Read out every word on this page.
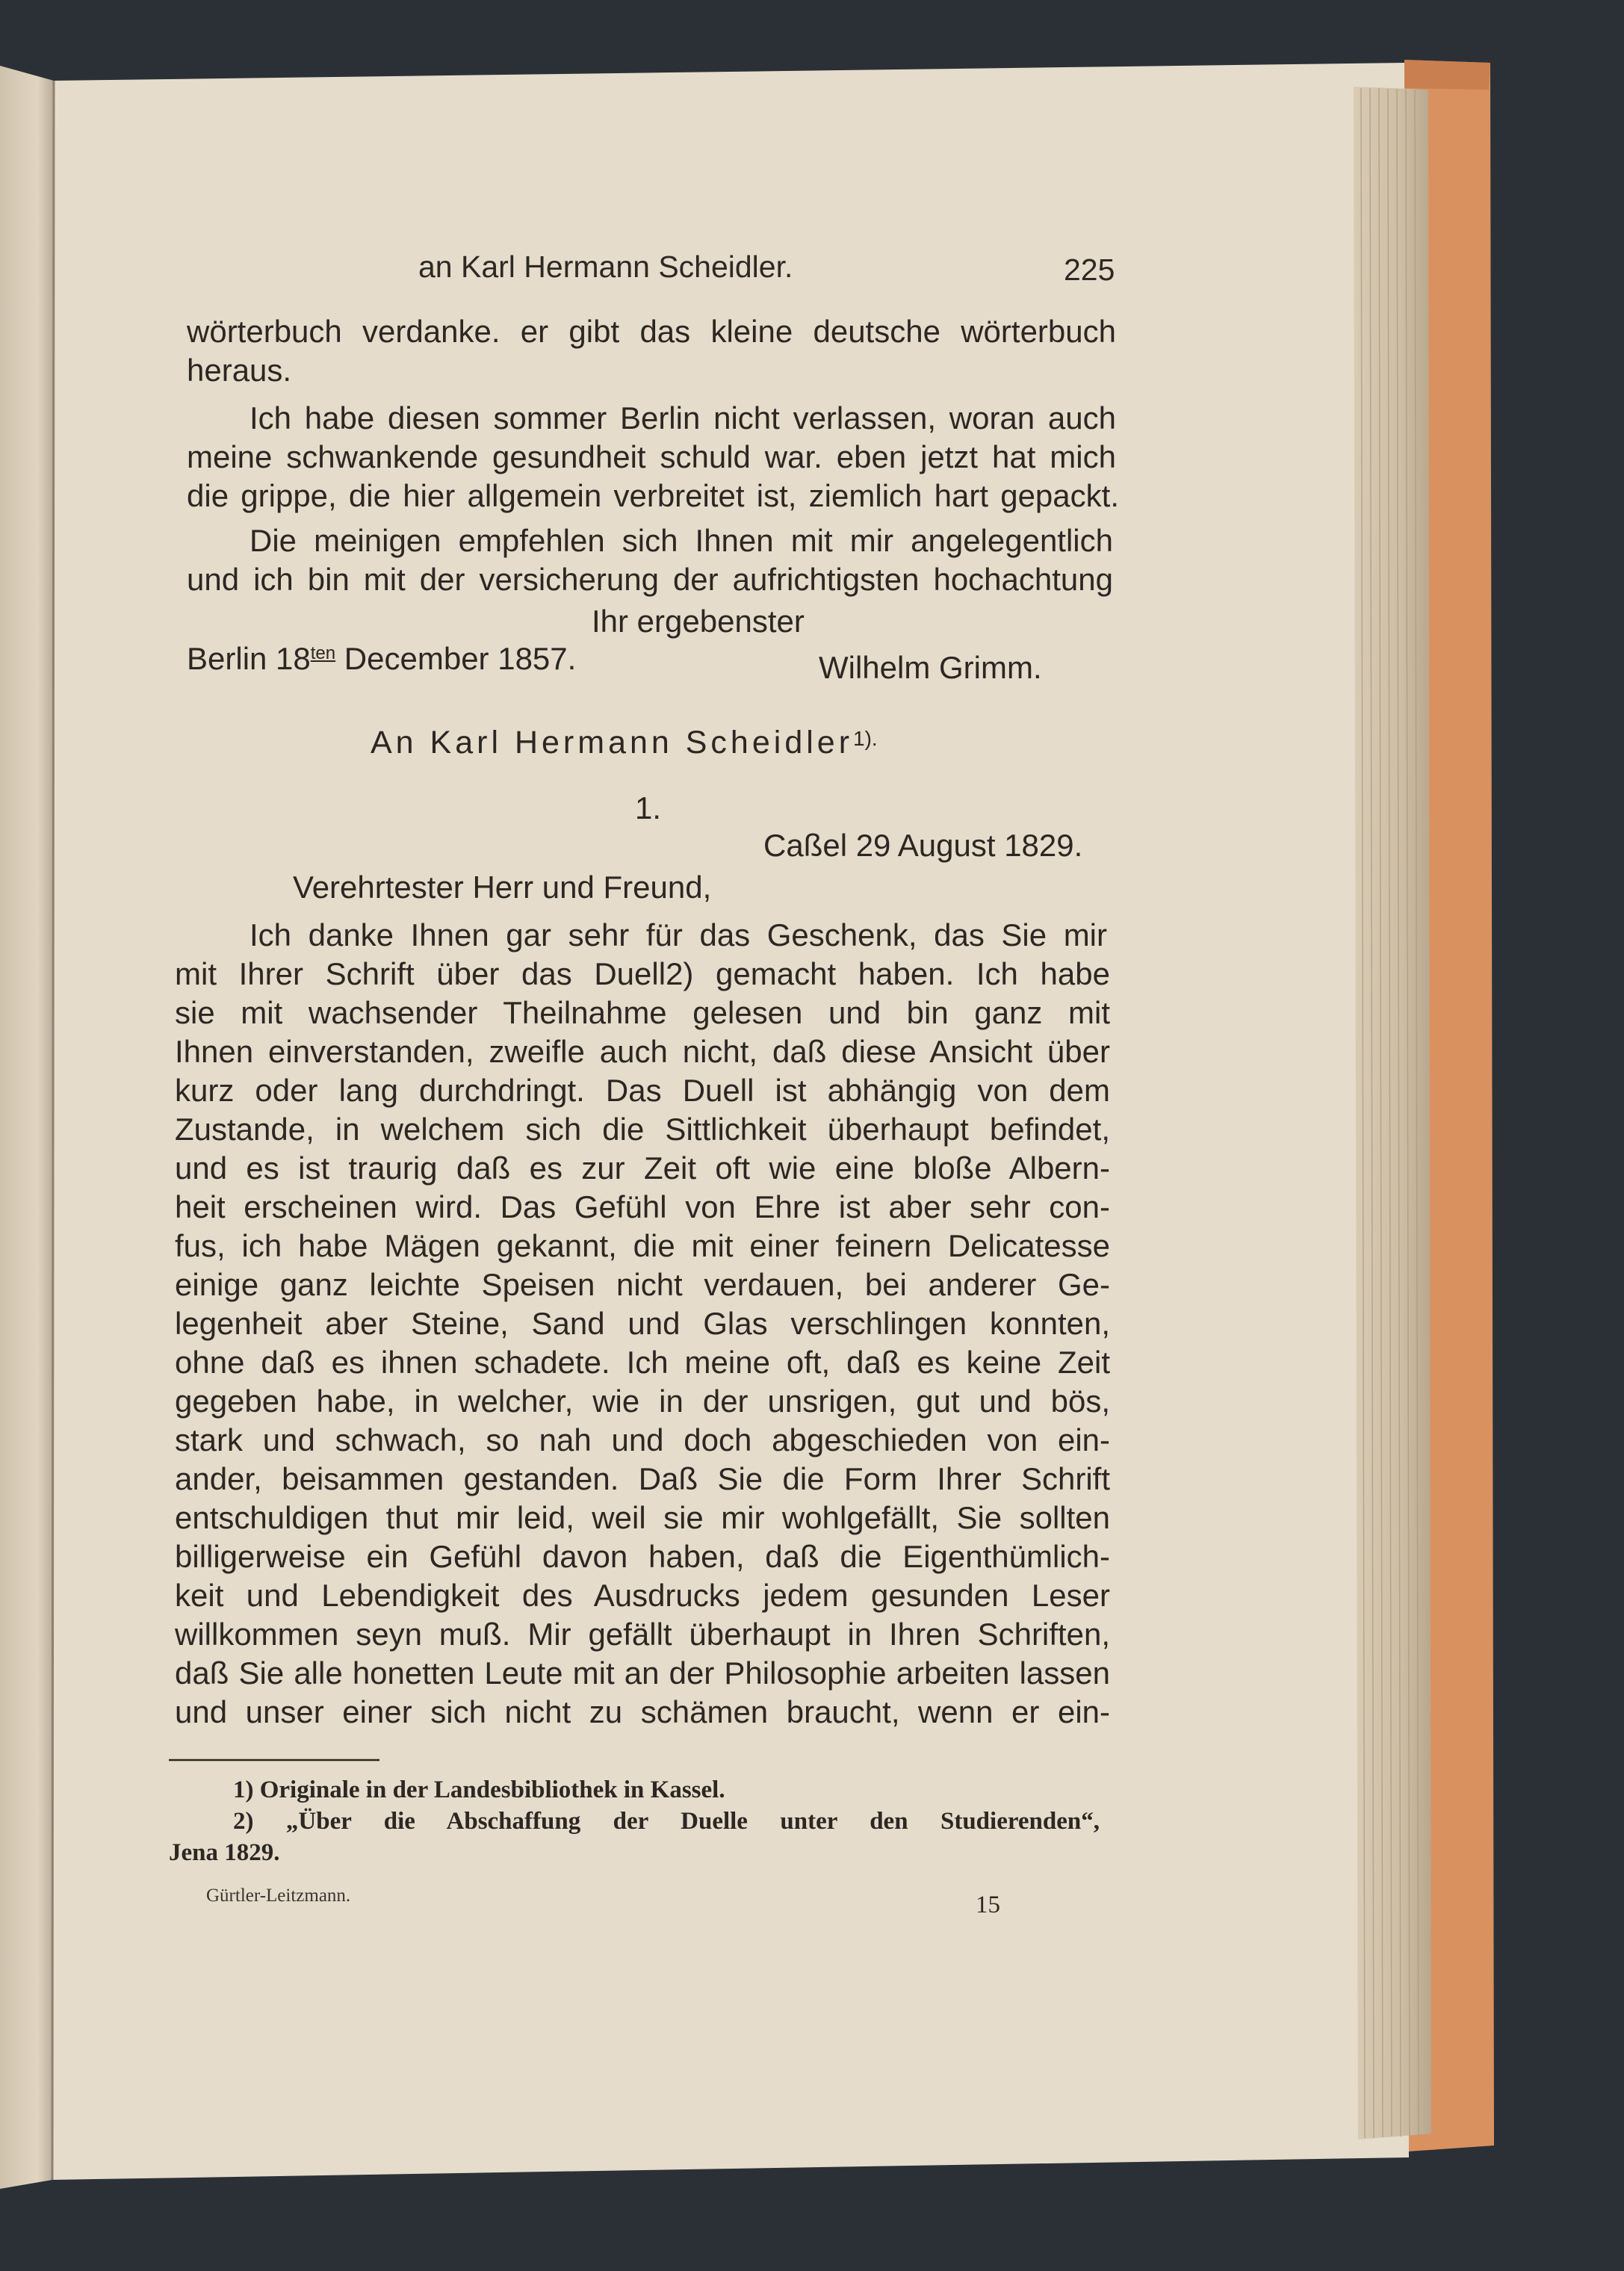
an Karl Hermann Scheidler.	225
wörterbuch verdanke. er gibt das kleine deutsche wörterbuch
heraus.
Ich habe diesen sommer Berlin nicht verlassen, woran auch
meine schwankende gesundheit schuld war. eben jetzt hat mich
die grippe, die hier allgemein verbreitet ist, ziemlich hart gepackt.
Die meinigen empfehlen sich Ihnen mit mir angelegentlich
und ich bin mit der versicherung der aufrichtigsten hochachtung
Ihr ergebenster
Berlin $18^{ten}$ December 1857.	Wilhelm Grimm.
An Karl Hermann Scheidler$^{1).}$
1.
Caßel 29 August 1829.
Verehrtester Herr und Freund,
Ich danke Ihnen gar sehr für das Geschenk, das Sie mir
mit Ihrer Schrift über das Duell2) gemacht haben. Ich habe
sie mit wachsender Theilnahme gelesen und bin ganz mit
Ihnen einverstanden, zweifle auch nicht, daß diese Ansicht über
kurz oder lang durchdringt. Das Duell ist abhängig von dem
Zustande, in welchem sich die Sittlichkeit überhaupt befindet,
und es ist traurig daß es zur Zeit oft wie eine bloße Albern-
heit erscheinen wird. Das Gefühl von Ehre ist aber sehr con-
fus, ich habe Mägen gekannt, die mit einer feinern Delicatesse
einige ganz leichte Speisen nicht verdauen, bei anderer Ge-
legenheit aber Steine, Sand und Glas verschlingen konnten,
ohne daß es ihnen schadete. Ich meine oft, daß es keine Zeit
gegeben habe, in welcher, wie in der unsrigen, gut und bös,
stark und schwach, so nah und doch abgeschieden von ein-
ander, beisammen gestanden. Daß Sie die Form Ihrer Schrift
entschuldigen thut mir leid, weil sie mir wohlgefällt, Sie sollten
billigerweise ein Gefühl davon haben, daß die Eigenthümlich-
keit und Lebendigkeit des Ausdrucks jedem gesunden Leser
willkommen seyn muß. Mir gefällt überhaupt in Ihren Schriften,
daß Sie alle honetten Leute mit an der Philosophie arbeiten lassen
und unser einer sich nicht zu schämen braucht, wenn er ein-
1) Originale in der Landesbibliothek in Kassel.
2) „Über die Abschaffung der Duelle unter den Studierenden“,
Jena 1829.
Gürtler-Leitzmann.	15
